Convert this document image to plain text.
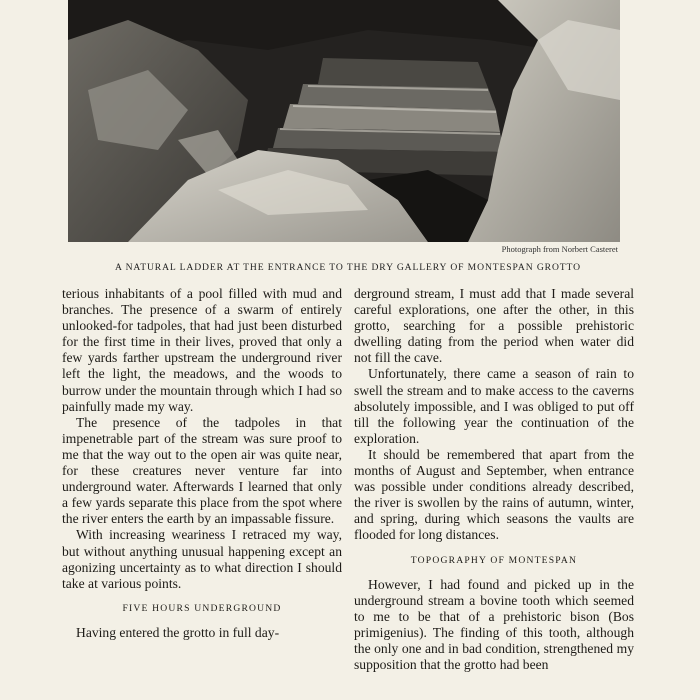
Photograph from Norbert Casteret
A NATURAL LADDER AT THE ENTRANCE TO THE DRY GALLERY OF MONTESPAN GROTTO

terious inhabitants of a pool filled with mud and branches. The presence of a swarm of entirely unlooked-for tadpoles, that had just been disturbed for the first time in their lives, proved that only a few yards farther upstream the underground river left the light, the meadows, and the woods to burrow under the mountain through which I had so painfully made my way.

The presence of the tadpoles in that impenetrable part of the stream was sure proof to me that the way out to the open air was quite near, for these creatures never venture far into underground water. Afterwards I learned that only a few yards separate this place from the spot where the river enters the earth by an impassable fissure.

With increasing weariness I retraced my way, but without anything unusual happening except an agonizing uncertainty as to what direction I should take at various points.

FIVE HOURS UNDERGROUND

Having entered the grotto in full day-

derground stream, I must add that I made several careful explorations, one after the other, in this grotto, searching for a possible prehistoric dwelling dating from the period when water did not fill the cave.

Unfortunately, there came a season of rain to swell the stream and to make access to the caverns absolutely impossible, and I was obliged to put off till the following year the continuation of the exploration.

It should be remembered that apart from the months of August and September, when entrance was possible under conditions already described, the river is swollen by the rains of autumn, winter, and spring, during which seasons the vaults are flooded for long distances.

TOPOGRAPHY OF MONTESPAN

However, I had found and picked up in the underground stream a bovine tooth which seemed to me to be that of a prehistoric bison (Bos primigenius). The finding of this tooth, although the only one and in bad condition, strengthened my supposition that the grotto had been
